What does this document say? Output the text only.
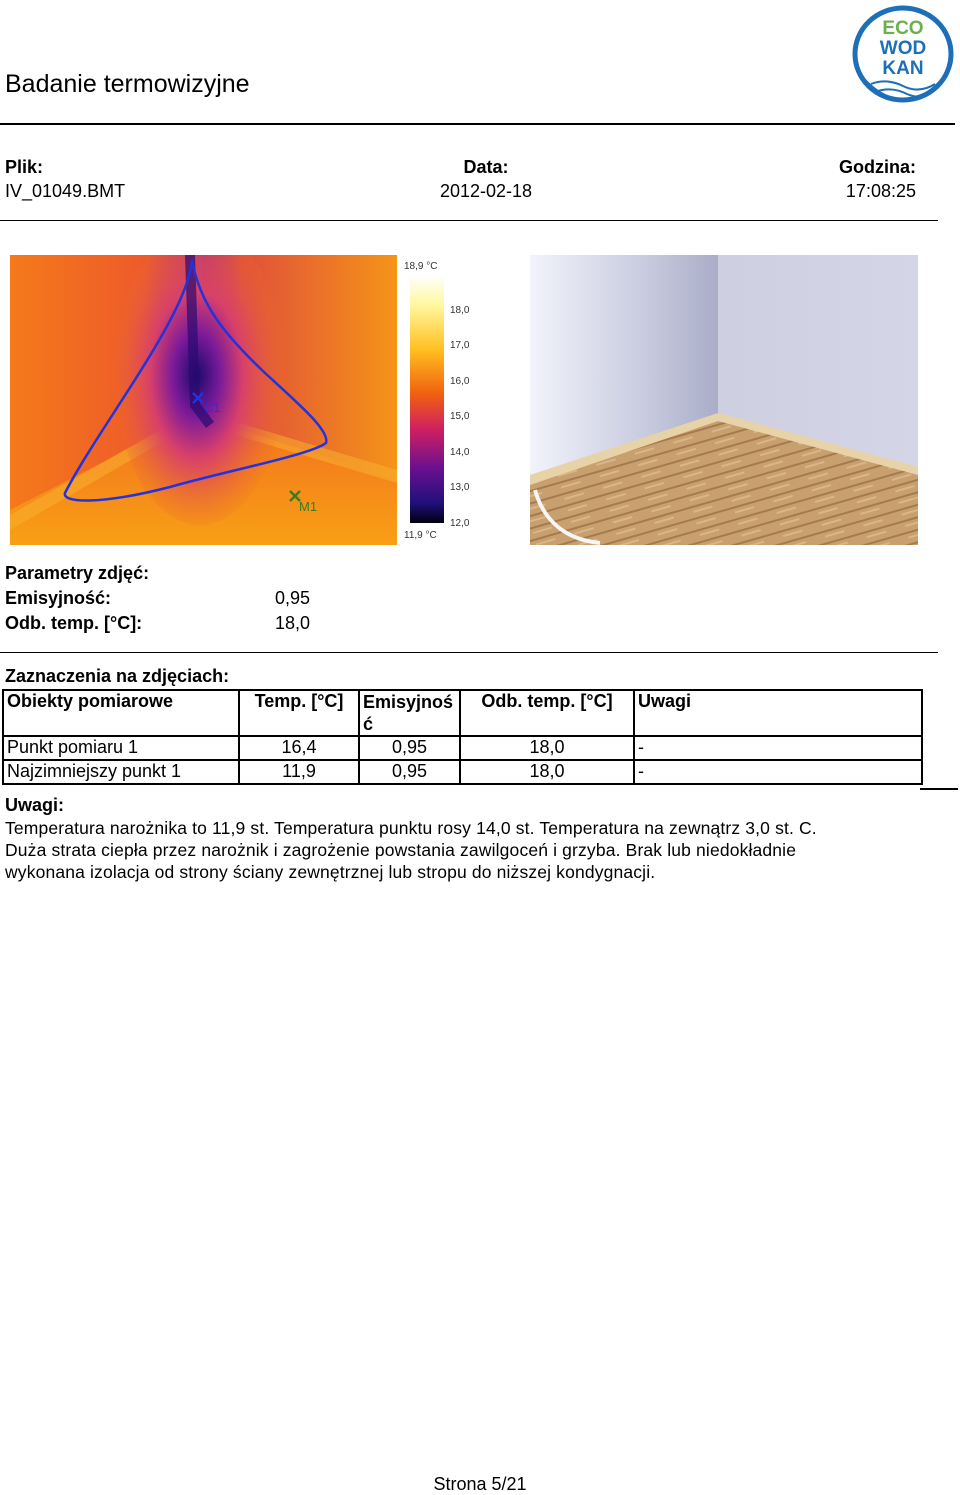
Badanie termowizyjne
ECO
WOD
KAN
Plik:
IV_01049.BMT
Data:
2012-02-18
Godzina:
17:08:25
C1
M1
18,9 °C
18,0
17,0
16,0
15,0
14,0
13,0
12,0
11,9 °C
Parametry zdjęć:
Emisyjność:	0,95
Odb. temp. [°C]:	18,0
Zaznaczenia na zdjęciach:
Obiekty pomiarowe	Temp. [°C]	Emisyjnoś ć	Odb. temp. [°C]	Uwagi
Punkt pomiaru 1	16,4	0,95	18,0	-
Najzimniejszy punkt 1	11,9	0,95	18,0	-
Uwagi:
Temperatura narożnika to 11,9 st. Temperatura punktu rosy 14,0 st. Temperatura na zewnątrz 3,0 st. C.
Duża strata ciepła przez narożnik i zagrożenie powstania zawilgoceń i grzyba. Brak lub niedokładnie
wykonana izolacja od strony ściany zewnętrznej lub stropu do niższej kondygnacji.
Strona 5/21
